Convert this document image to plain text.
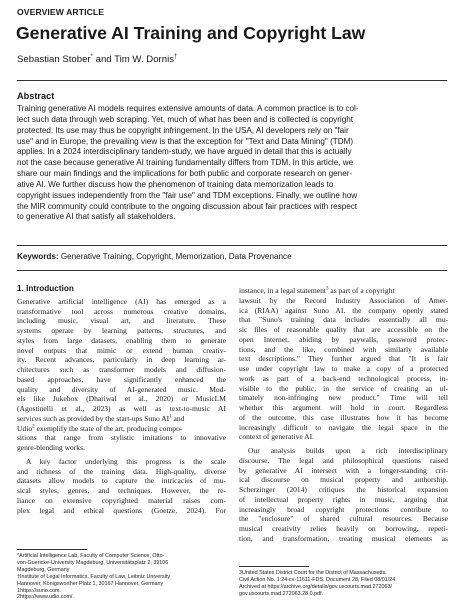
OVERVIEW ARTICLE
Generative AI Training and Copyright Law
Sebastian Stober* and Tim W. Dornis†
Abstract
Training generative AI models requires extensive amounts of data. A common practice is to col-
lect such data through web scraping. Yet, much of what has been and is collected is copyright
protected. Its use may thus be copyright infringement. In the USA, AI developers rely on "fair
use" and in Europe, the prevailing view is that the exception for "Text and Data Mining" (TDM)
applies. In a 2024 interdisciplinary tandem-study, we have argued in detail that this is actually
not the case because generative AI training fundamentally differs from TDM. In this article, we
share our main findings and the implications for both public and corporate research on gener-
ative AI. We further discuss how the phenomenon of training data memorization leads to
copyright issues independently from the "fair use" and TDM exceptions. Finally, we outline how
the MIR community could contribute to the ongoing discussion about fair practices with respect
to generative AI that satisfy all stakeholders.
Keywords: Generative Training, Copyright, Memorization, Data Provenance
1. Introduction
Generative artificial intelligence (AI) has emerged as a
transformative tool across numerous creative domains,
including music, visual art, and literature. These
systems operate by learning patterns, structures, and
styles from large datasets, enabling them to generate
novel outputs that mimic or extend human creativ-
ity. Recent advances, particularly in deep learning ar-
chitectures such as transformer models and diffusion-
based approaches, have significantly enhanced the
quality and diversity of AI-generated music. Mod-
els like Jukebox (Dhariwal et al., 2020) or MusicLM
(Agostinelli et al., 2023) as well as text-to-music AI
services such as provided by the start-ups Suno $AI^1$ and
Udio$^2$ exemplify the state of the art, producing compo-
sitions that range from stylistic imitations to innovative
genre-blending works.
A key factor underlying this progress is the scale
and richness of the training data. High-quality, diverse
datasets allow models to capture the intricacies of mu-
sical styles, genres, and techniques. However, the re-
liance on extensive copyrighted material raises com-
plex legal and ethical questions (Goetze, 2024). For
*Artificial Intelligence Lab, Faculty of Computer Science, Otto-
von-Guericke-University Magdeburg, Universitätsplatz 2, 39106
Magdeburg, Germany
†Institute of Legal Informatics, Faculty of Law, Leibniz University
Hannover, Königsworther Platz 1, 30167 Hannover, Germany
1https://suno.com.
2https://www.udio.com/.
instance, in a legal statement$^3$ as part of a copyright
lawsuit by the Record Industry Association of Amer-
ica (RIAA) against Suno AI, the company openly stated
that "Suno's training data includes essentially all mu-
sic files of reasonable quality that are accessible on the
open Internet, abiding by paywalls, password protec-
tions, and the like, combined with similarly available
text descriptions." They further argued that "It is fair
use under copyright law to make a copy of a protected
work as part of a back-end technological process, in-
visible to the public, in the service of creating an ul-
timately non-infringing new product." Time will tell
whether this argument will hold in court. Regardless
of the outcome, this case illustrates how it has become
increasingly difficult to navigate the legal space in the
context of generative AI.
Our analysis builds upon a rich interdisciplinary
discourse. The legal and philosophical questions raised
by generative AI intersect with a longer-standing crit-
ical discourse on musical property and authorship.
Scherzinger (2014) critiques the historical expansion
of intellectual property rights in music, arguing that
increasingly broad copyright protections contribute to
the "enclosure" of shared cultural resources. Because
musical creativity relies heavily on borrowing, repeti-
tion, and transformation, treating musical elements as
3United States District Court for the District of Massachusetts,
Civil Action No. 1:24-cv-11611-FDS, Document 28, Filed 08/01/24.
Archived at https://archive.org/details/gov.uscourts.mad.272063/
gov.uscourts.mad.272063.28.0.pdf.
